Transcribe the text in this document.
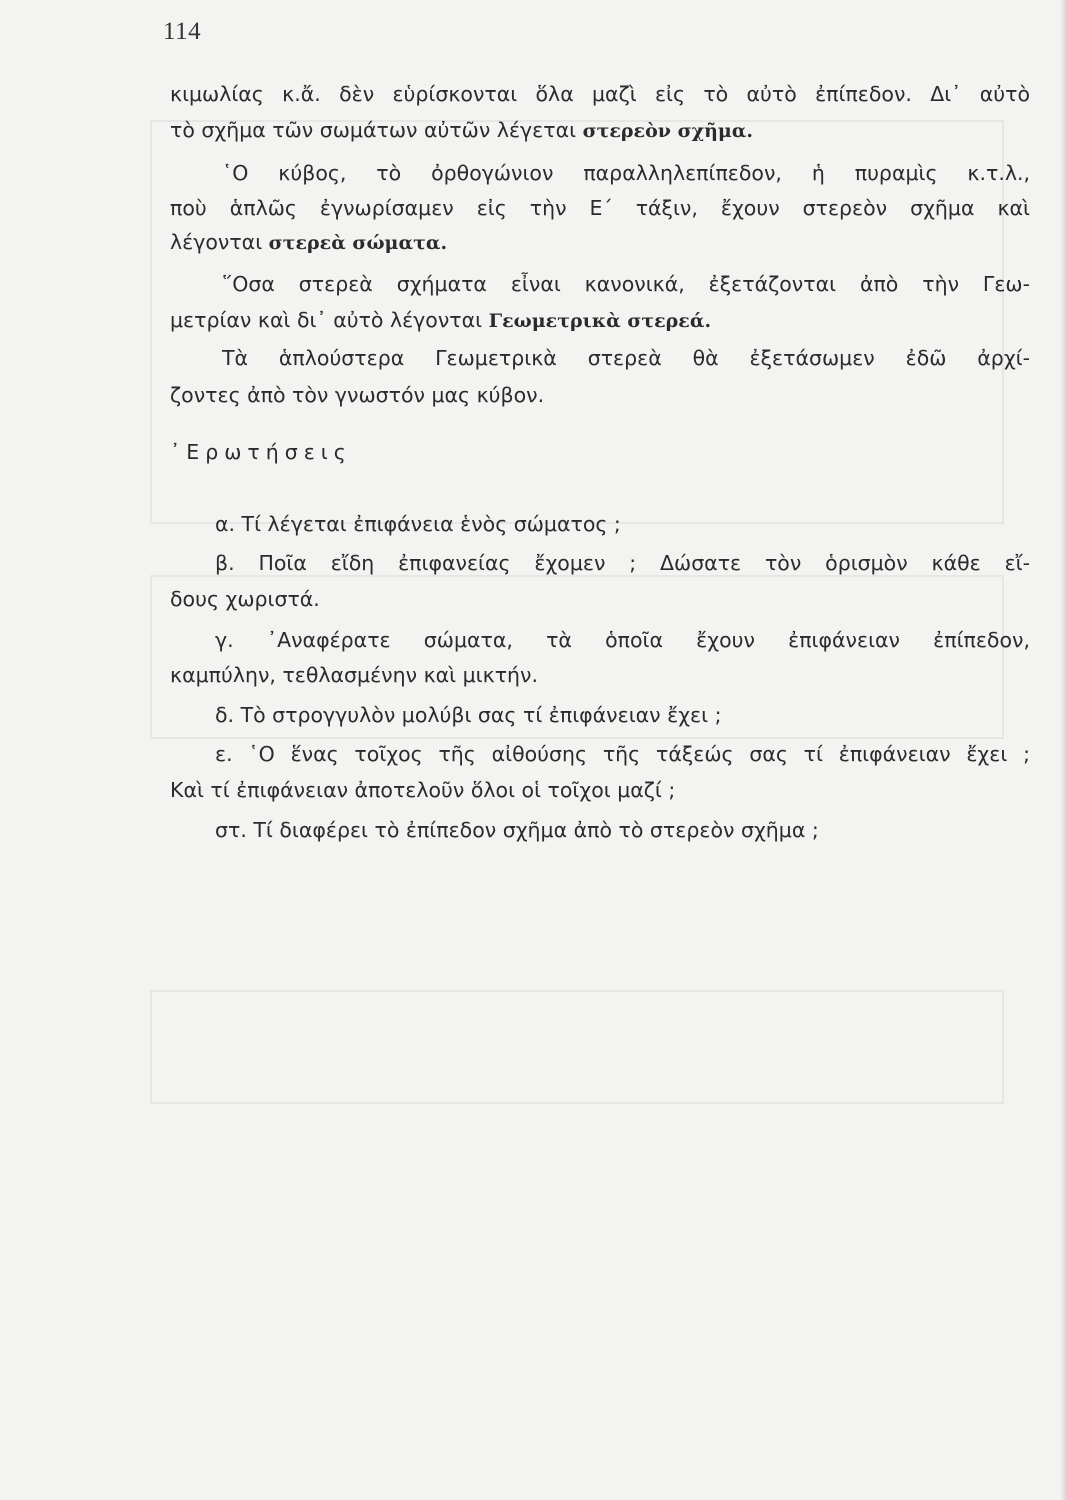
114
κιμωλίας κ.ἄ. δὲν εὑρίσκονται ὅλα μαζὶ εἰς τὸ αὐτὸ ἐπίπεδον. Δι᾽ αὐτὸ
τὸ σχῆμα τῶν σωμάτων αὐτῶν λέγεται στερεὸν σχῆμα.
῾Ο κύβος, τὸ ὀρθογώνιον παραλληλεπίπεδον, ἡ πυραμὶς κ.τ.λ.,
ποὺ ἁπλῶς ἐγνωρίσαμεν εἰς τὴν Ε΄ τάξιν, ἔχουν στερεὸν σχῆμα καὶ
λέγονται στερεὰ σώματα.
῞Οσα στερεὰ σχήματα εἶναι κανονικά, ἐξετάζονται ἀπὸ τὴν Γεω-
μετρίαν καὶ δι᾽ αὐτὸ λέγονται Γεωμετρικὰ στερεά.
Τὰ ἁπλούστερα Γεωμετρικὰ στερεὰ θὰ ἐξετάσωμεν ἐδῶ ἀρχί-
ζοντες ἀπὸ τὸν γνωστόν μας κύβον.
᾽Ερωτήσεις
α. Τί λέγεται ἐπιφάνεια ἑνὸς σώματος ;
β. Ποῖα εἴδη ἐπιφανείας ἔχομεν ; Δώσατε τὸν ὁρισμὸν κάθε εἴ-
δους χωριστά.
γ. ᾽Αναφέρατε σώματα, τὰ ὁποῖα ἔχουν ἐπιφάνειαν ἐπίπεδον,
καμπύλην, τεθλασμένην καὶ μικτήν.
δ. Τὸ στρογγυλὸν μολύβι σας τί ἐπιφάνειαν ἔχει ;
ε. ῾Ο ἕνας τοῖχος τῆς αἰθούσης τῆς τάξεώς σας τί ἐπιφάνειαν ἔχει ;
Καὶ τί ἐπιφάνειαν ἀποτελοῦν ὅλοι οἱ τοῖχοι μαζί ;
στ. Τί διαφέρει τὸ ἐπίπεδον σχῆμα ἀπὸ τὸ στερεὸν σχῆμα ;
